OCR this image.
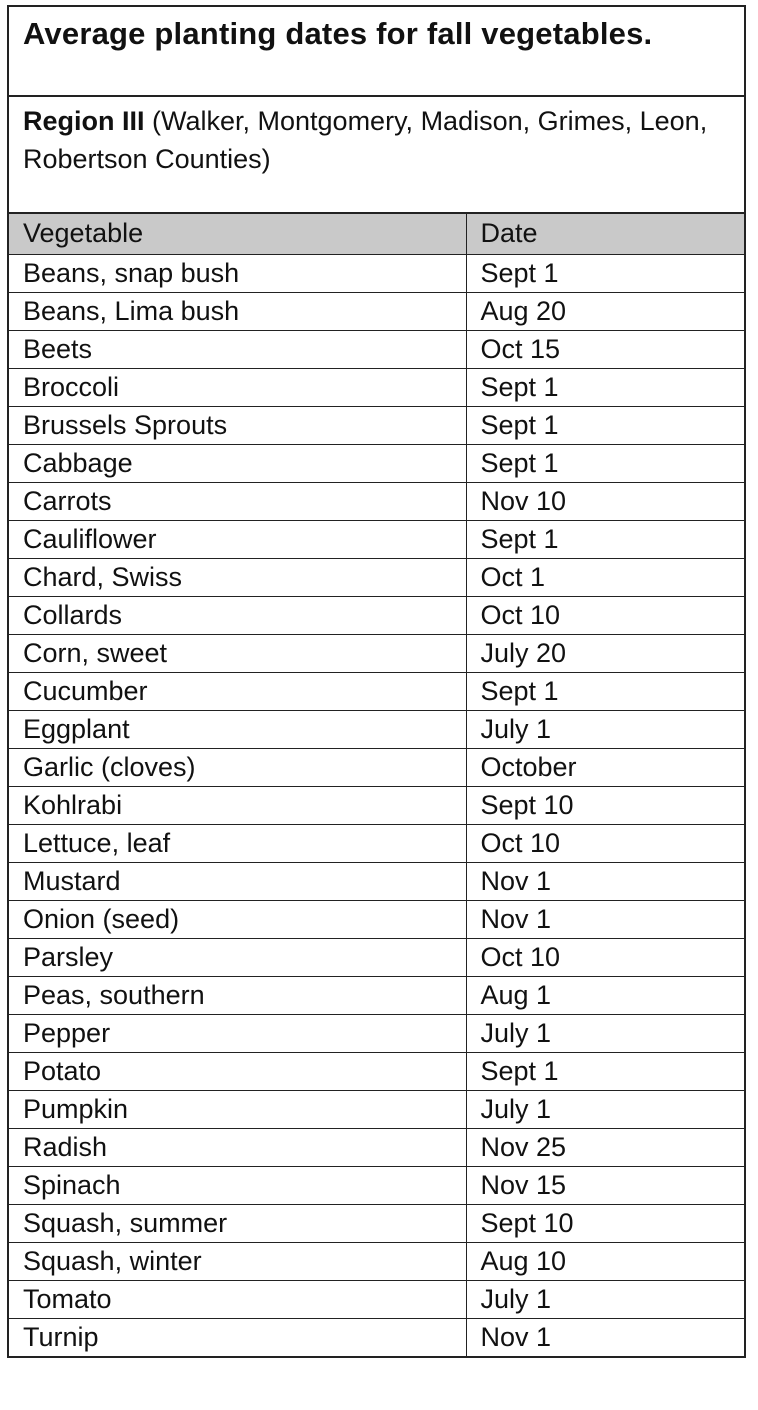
Average planting dates for fall vegetables.
Region III (Walker, Montgomery, Madison, Grimes, Leon, Robertson Counties)
Vegetable	Date
Beans, snap bush	Sept 1
Beans, Lima bush	Aug 20
Beets	Oct 15
Broccoli	Sept 1
Brussels Sprouts	Sept 1
Cabbage	Sept 1
Carrots	Nov 10
Cauliflower	Sept 1
Chard, Swiss	Oct 1
Collards	Oct 10
Corn, sweet	July 20
Cucumber	Sept 1
Eggplant	July 1
Garlic (cloves)	October
Kohlrabi	Sept 10
Lettuce, leaf	Oct 10
Mustard	Nov 1
Onion (seed)	Nov 1
Parsley	Oct 10
Peas, southern	Aug 1
Pepper	July 1
Potato	Sept 1
Pumpkin	July 1
Radish	Nov 25
Spinach	Nov 15
Squash, summer	Sept 10
Squash, winter	Aug 10
Tomato	July 1
Turnip	Nov 1
